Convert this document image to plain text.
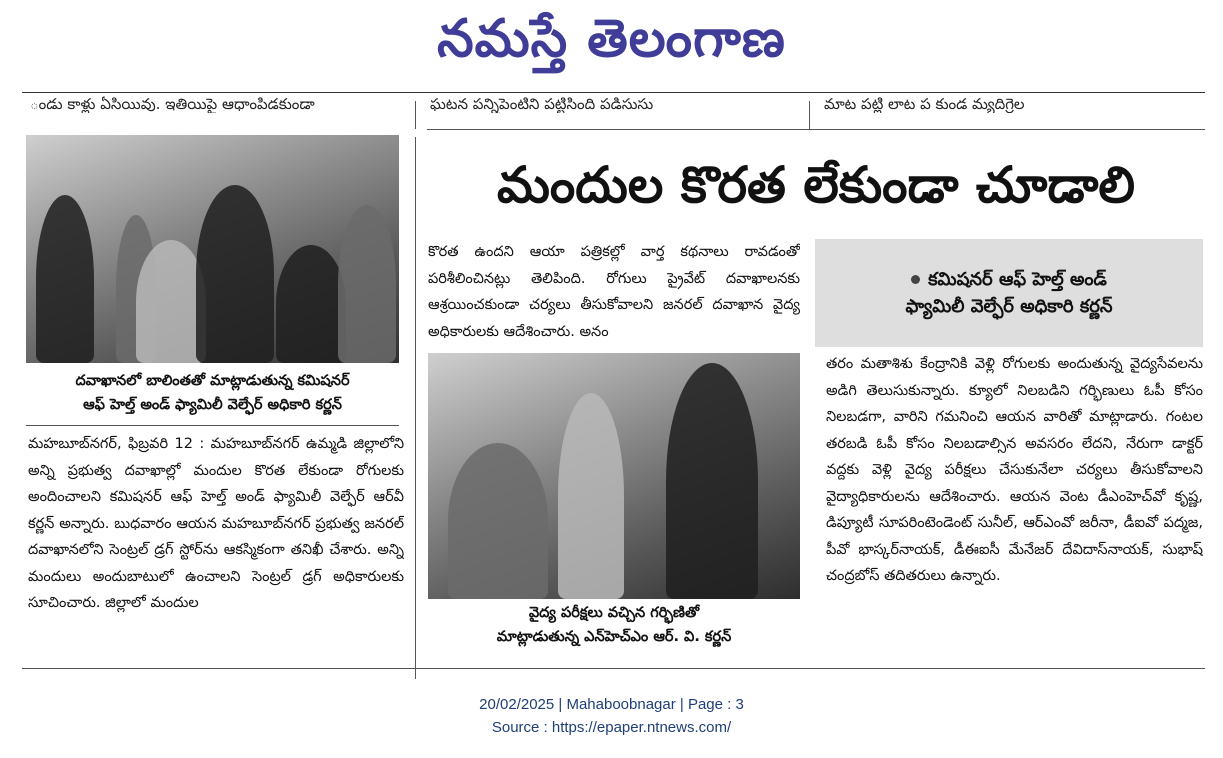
నమస్తే తెలంగాణ
ండు కాళ్లు ఏసియివు. ఇతియిపై ఆధాంపిడకుండా	ఘటన పన్నిపెంటిని పట్టిసింది పడిసుసు	మాట పట్లి లాట ప కుండ మ్యదిగ్రెల
దవాఖానలో బాలింతతో మాట్లాడుతున్న కమిషనర్
ఆఫ్ హెల్త్ అండ్ ఫ్యామిలీ వెల్ఫేర్ అధికారి కర్ణన్
మహబూబ్‌నగర్, ఫిబ్రవరి 12 : మహబూబ్‌నగర్ ఉమ్మడి జిల్లాలోని అన్ని ప్రభుత్వ దవాఖాల్లో మందుల కొరత లేకుండా రోగులకు అందించాలని కమిషనర్ ఆఫ్ హెల్త్ అండ్ ఫ్యామిలీ వెల్ఫేర్ ఆర్‌వీ కర్ణన్ అన్నారు. బుధవారం ఆయన మహబూబ్‌నగర్ ప్రభుత్వ జనరల్ దవాఖానలోని సెంట్రల్ డ్రగ్ స్టోర్‌ను ఆకస్మికంగా తనిఖీ చేశారు. అన్ని మందులు అందుబాటులో ఉంచాలని సెంట్రల్ డ్రగ్ అధికారులకు సూచించారు. జిల్లాలో మందుల
మందుల కొరత లేకుండా చూడాలి
కొరత ఉందని ఆయా పత్రికల్లో వార్త కథనాలు రావడంతో పరిశీలించినట్లు తెలిపింది. రోగులు ప్రైవేట్ దవాఖాలనకు ఆశ్రయించకుండా చర్యలు తీసుకోవాలని జనరల్ దవాఖాన వైద్య అధికారులకు ఆదేశించారు. అనం
వైద్య పరీక్షలు వచ్చిన గర్భిణితో
మాట్లాడుతున్న ఎన్‌హెచ్‌ఎం ఆర్. వి. కర్ణన్
కమిషనర్ ఆఫ్ హెల్త్ అండ్
ఫ్యామిలీ వెల్ఫేర్ అధికారి కర్ణన్
తరం మతాశిశు కేంద్రానికి వెళ్లి రోగులకు అందుతున్న వైద్యసేవలను అడిగి తెలుసుకున్నారు. క్యూలో నిలబడిని గర్భిణులు ఓపీ కోసం నిలబడగా, వారిని గమనించి ఆయన వారితో మాట్లాడారు. గంటల తరబడి ఓపీ కోసం నిలబడాల్సిన అవసరం లేదని, నేరుగా డాక్టర్ వద్దకు వెళ్లి వైద్య పరీక్షలు చేసుకునేలా చర్యలు తీసుకోవాలని వైద్యాధికారులను ఆదేశించారు. ఆయన వెంట డీఎంహెచ్‌వో కృష్ణ, డిప్యూటీ సూపరింటెండెంట్ సునీల్, ఆర్ఎంవో జరీనా, డీఐవో పద్మజ, పీవో భాస్కర్‌నాయక్, డీఈఐసీ మేనేజర్ దేవిదాస్‌నాయక్, సుభాష్ చంద్రబోస్ తదితరులు ఉన్నారు.
20/02/2025 | Mahaboobnagar | Page : 3
Source : https://epaper.ntnews.com/
